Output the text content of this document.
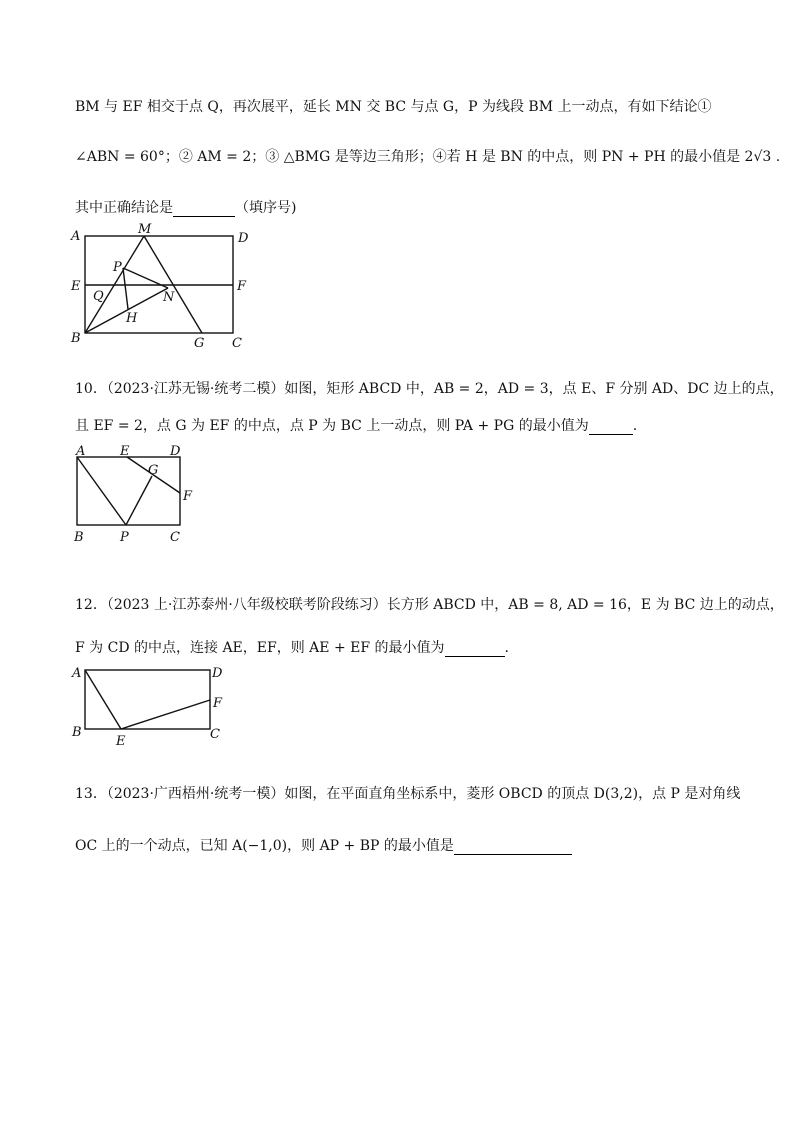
BM 与 EF 相交于点 Q，再次展平，延长 MN 交 BC 与点 G，P 为线段 BM 上一动点，有如下结论①
∠ABN = 60°；② AM = 2；③ △BMG 是等边三角形；④若 H 是 BN 的中点，则 PN + PH 的最小值是 2√3 .
其中正确结论是	（填序号)
A	M
D
P
E	F
Q	N
H
B	G C
10．（2023·江苏无锡·统考二模）如图，矩形 ABCD 中，AB = 2，AD = 3，点 E、F 分别 AD、DC 边上的点，
且 EF = 2，点 G 为 EF 的中点，点 P 为 BC 上一动点，则 PA + PG 的最小值为	.
A	E	D
G
F
B	P	C
12．（2023 上·江苏泰州·八年级校联考阶段练习）长方形 ABCD 中，AB = 8, AD = 16，E 为 BC 边上的动点，
F 为 CD 的中点，连接 AE，EF，则 AE + EF 的最小值为	.
A	D
F
B
E	C
13．（2023·广西梧州·统考一模）如图，在平面直角坐标系中，菱形 OBCD 的顶点 D(3,2)，点 P 是对角线
OC 上的一个动点，已知 A(−1,0)，则 AP + BP 的最小值是
